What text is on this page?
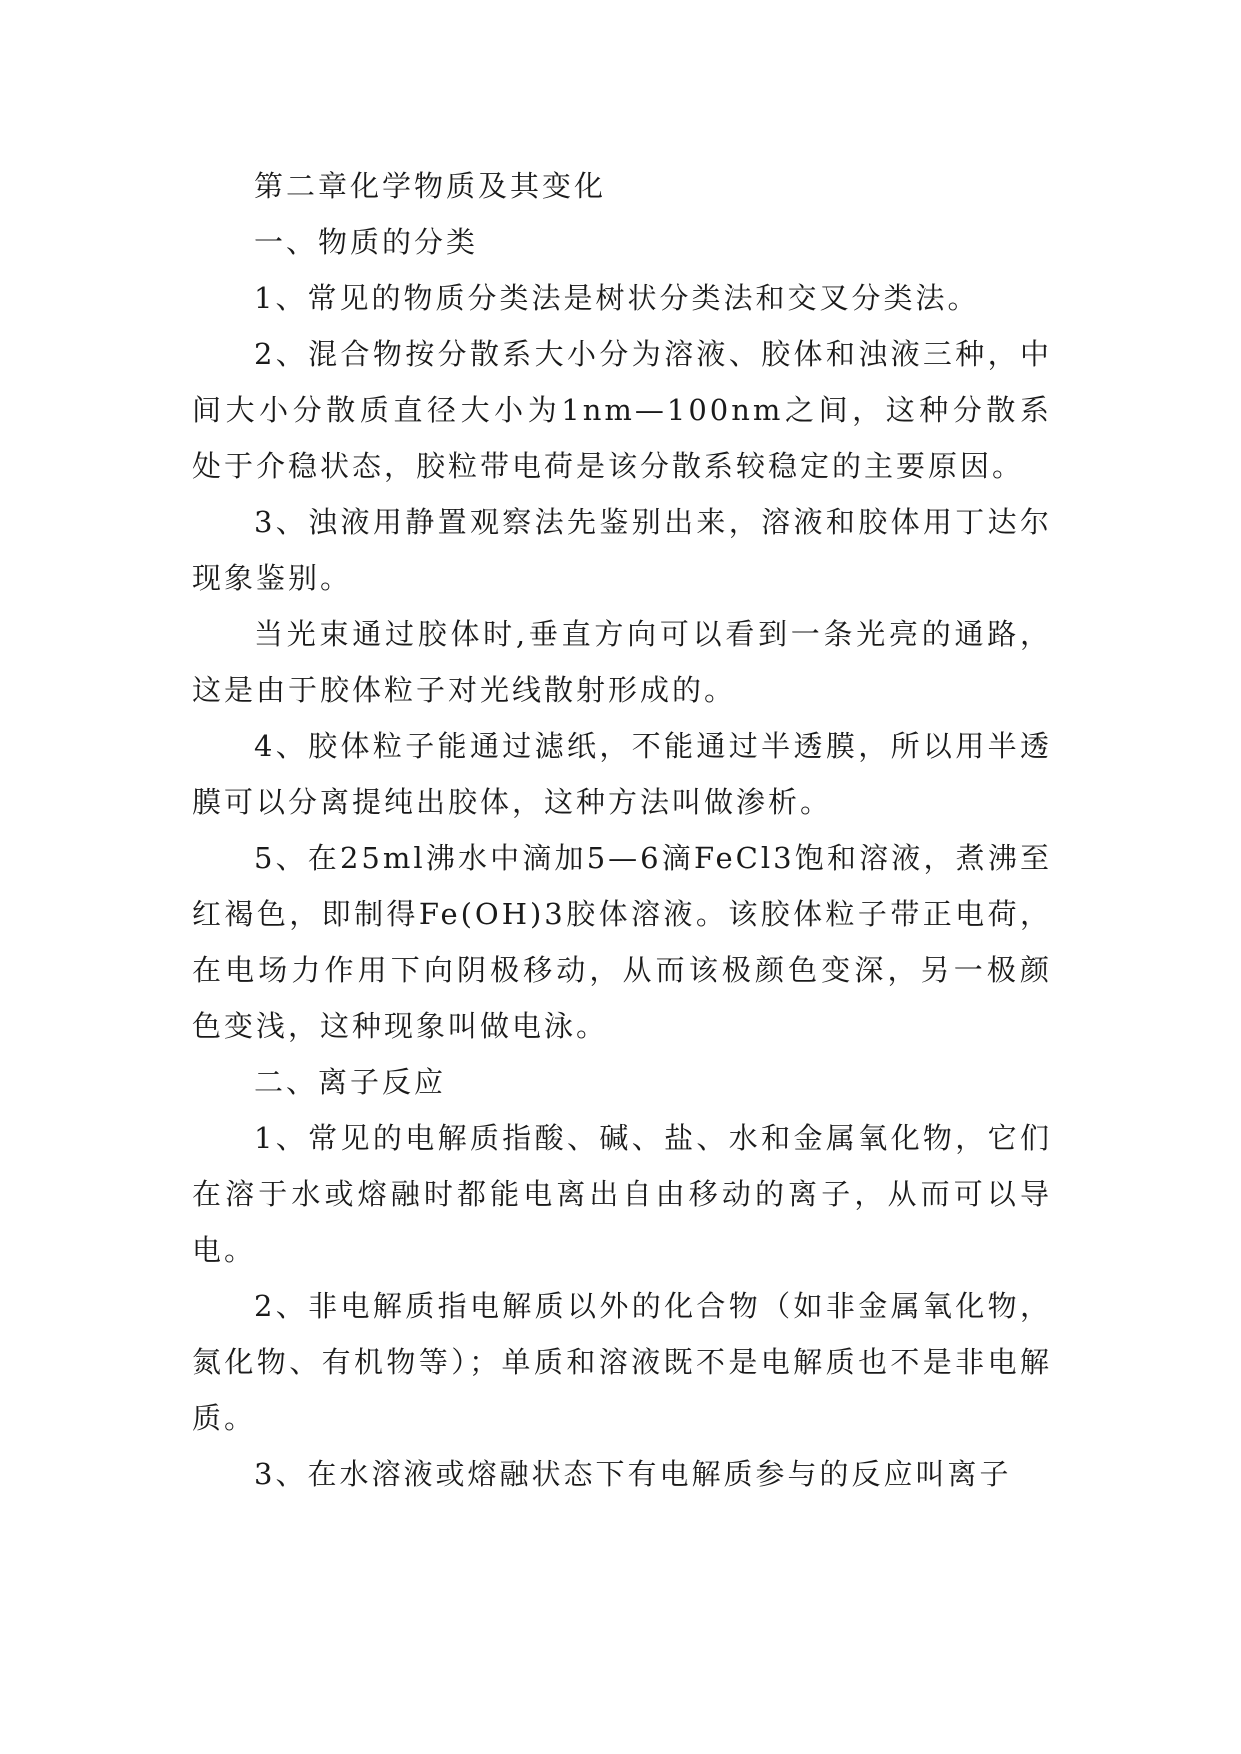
第二章化学物质及其变化

一、物质的分类

1、常见的物质分类法是树状分类法和交叉分类法。

2、混合物按分散系大小分为溶液、胶体和浊液三种，中间大小分散质直径大小为1nm—100nm之间，这种分散系处于介稳状态，胶粒带电荷是该分散系较稳定的主要原因。

3、浊液用静置观察法先鉴别出来，溶液和胶体用丁达尔现象鉴别。

当光束通过胶体时,垂直方向可以看到一条光亮的通路，这是由于胶体粒子对光线散射形成的。

4、胶体粒子能通过滤纸，不能通过半透膜，所以用半透膜可以分离提纯出胶体，这种方法叫做渗析。

5、在25ml沸水中滴加5—6滴FeCl3饱和溶液，煮沸至红褐色，即制得Fe(OH)3胶体溶液。该胶体粒子带正电荷，在电场力作用下向阴极移动，从而该极颜色变深，另一极颜色变浅，这种现象叫做电泳。

二、离子反应

1、常见的电解质指酸、碱、盐、水和金属氧化物，它们在溶于水或熔融时都能电离出自由移动的离子，从而可以导电。

2、非电解质指电解质以外的化合物（如非金属氧化物，氮化物、有机物等）；单质和溶液既不是电解质也不是非电解质。

3、在水溶液或熔融状态下有电解质参与的反应叫离子
